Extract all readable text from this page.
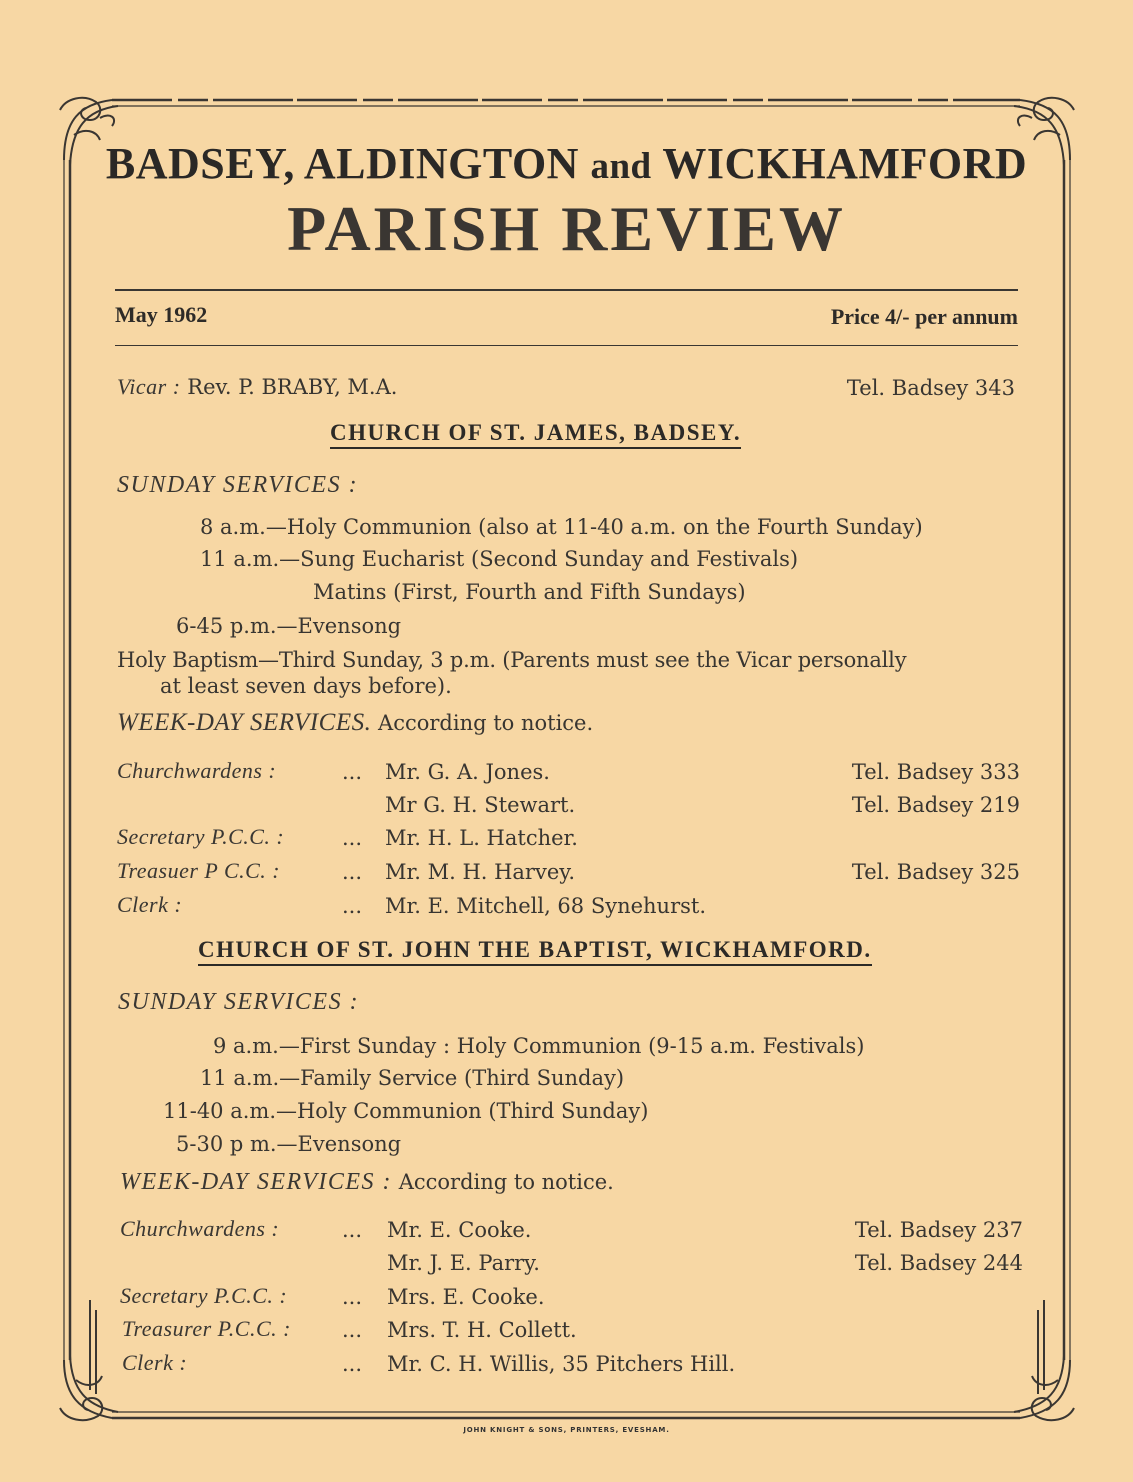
BADSEY, ALDINGTON and WICKHAMFORD
PARISH REVIEW
May 1962	Price 4/- per annum
Vicar : Rev. P. BRABY, M.A.	Tel. Badsey 343
CHURCH OF ST. JAMES, BADSEY.
SUNDAY SERVICES :
8 a.m.—Holy Communion (also at 11-40 a.m. on the Fourth Sunday)
11 a.m.—Sung Eucharist (Second Sunday and Festivals)
Matins (First, Fourth and Fifth Sundays)
6-45 p.m.—Evensong
Holy Baptism—Third Sunday, 3 p.m. (Parents must see the Vicar personally
at least seven days before).
WEEK-DAY SERVICES. According to notice.
Churchwardens :	... Mr. G. A. Jones.	Tel. Badsey 333
Mr G. H. Stewart.	Tel. Badsey 219
Secretary P.C.C. :	... Mr. H. L. Hatcher.
Treasuer P C.C. :	... Mr. M. H. Harvey.	Tel. Badsey 325
Clerk :	... Mr. E. Mitchell, 68 Synehurst.
CHURCH OF ST. JOHN THE BAPTIST, WICKHAMFORD.
SUNDAY SERVICES :
9 a.m.—First Sunday : Holy Communion (9-15 a.m. Festivals)
11 a.m.—Family Service (Third Sunday)
11-40 a.m.—Holy Communion (Third Sunday)
5-30 p m.—Evensong
WEEK-DAY SERVICES : According to notice.
Churchwardens :	... Mr. E. Cooke.	Tel. Badsey 237
Mr. J. E. Parry.	Tel. Badsey 244
Secretary P.C.C. :	... Mrs. E. Cooke.
Treasurer P.C.C. : ... Mrs. T. H. Collett.
Clerk :	... Mr. C. H. Willis, 35 Pitchers Hill.
JOHN KNIGHT & SONS, PRINTERS, EVESHAM.
